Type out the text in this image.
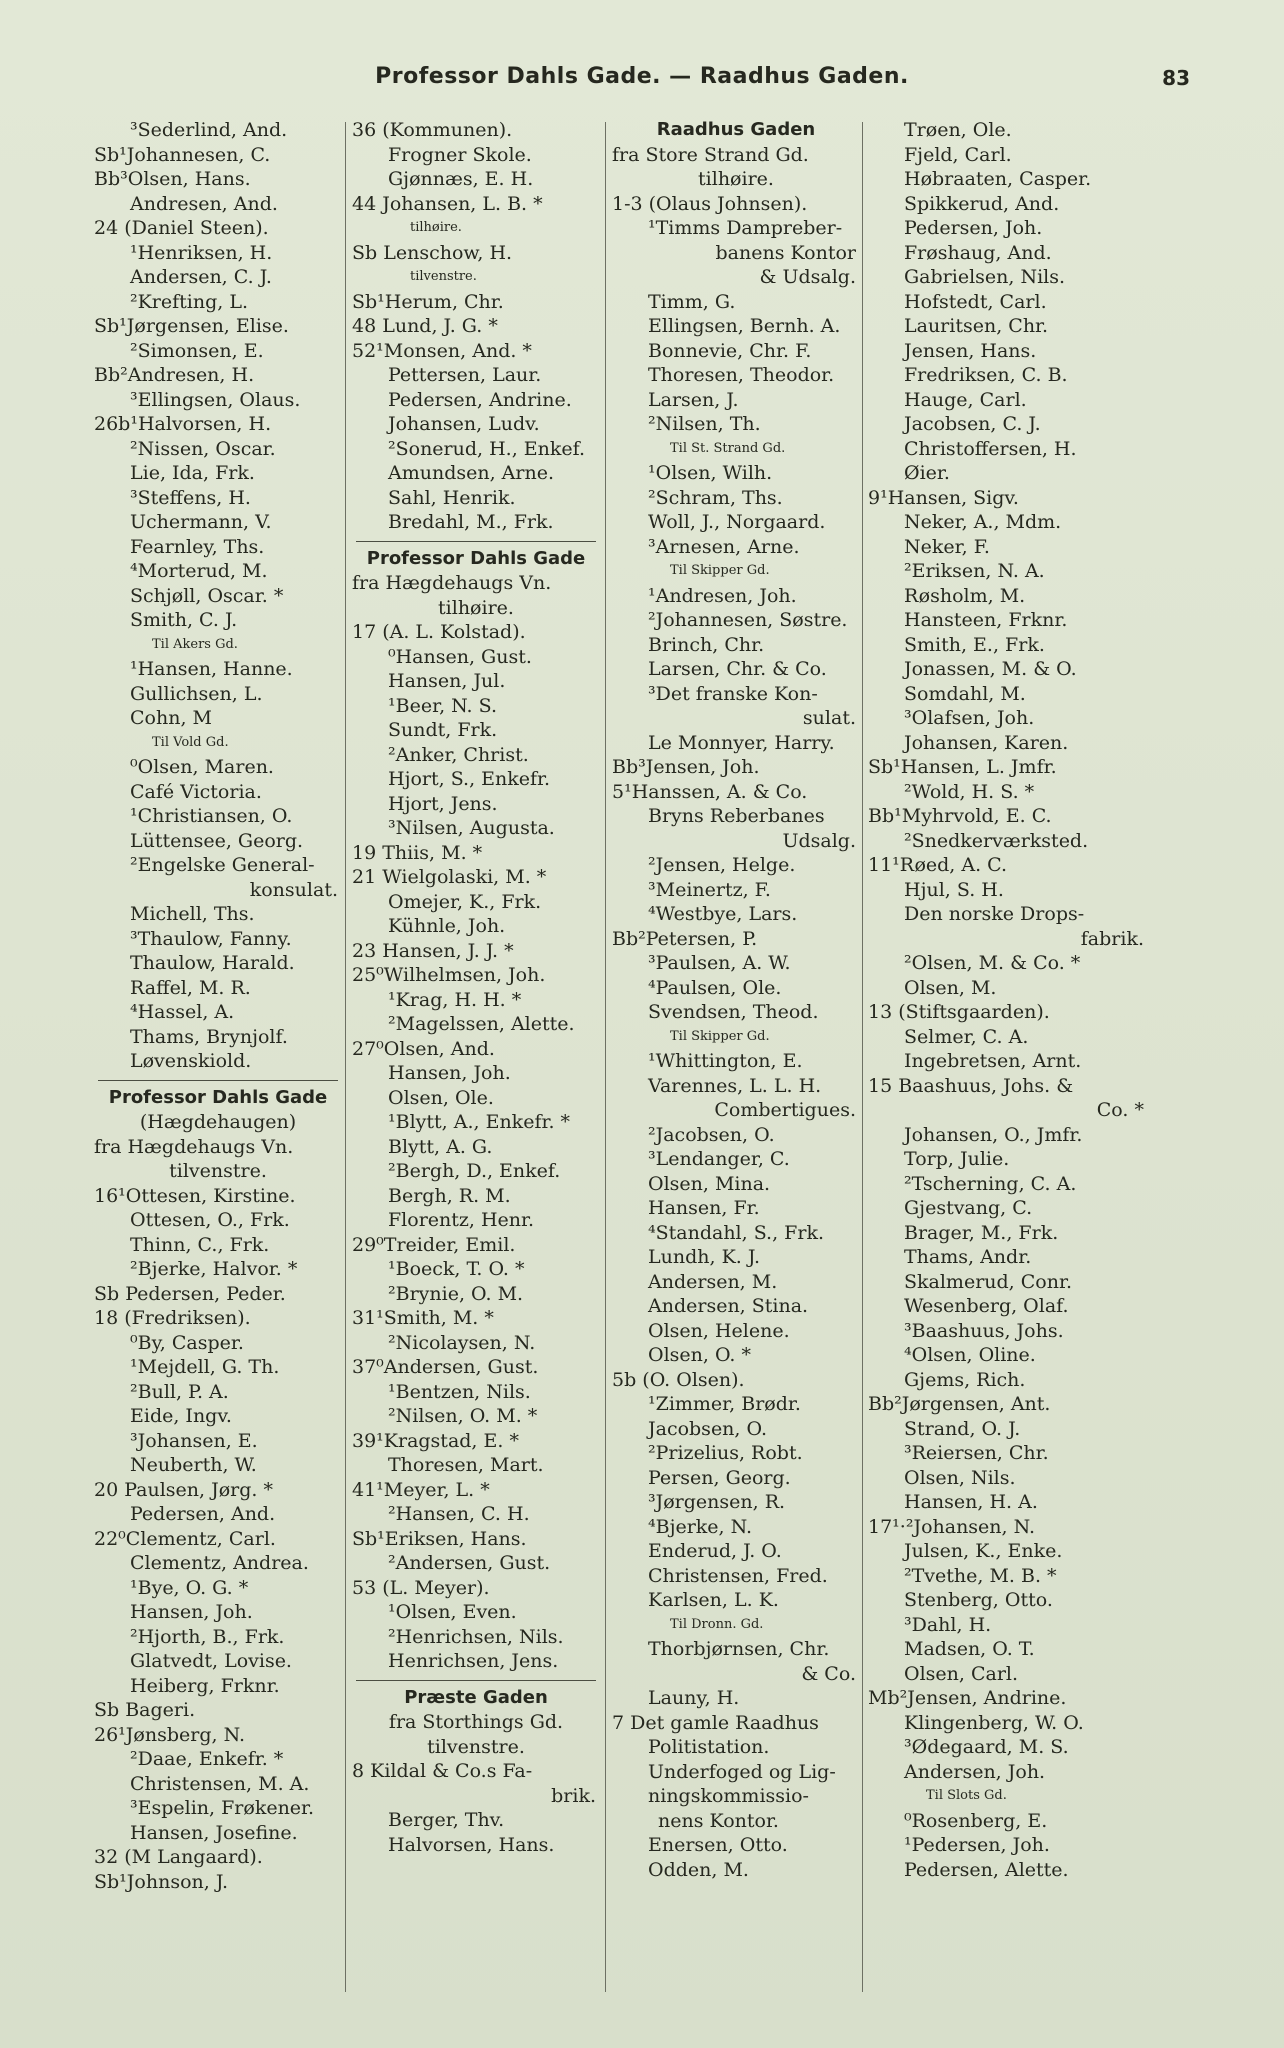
Professor Dahls Gade. — Raadhus Gaden.	83
³Sederlind, And.
Sb¹Johannesen, C.
Bb³Olsen, Hans.
Andresen, And.
24 (Daniel Steen).
¹Henriksen, H.
Andersen, C. J.
²Krefting, L.
Sb¹Jørgensen, Elise.
²Simonsen, E.
Bb²Andresen, H.
³Ellingsen, Olaus.
26b¹Halvorsen, H.
²Nissen, Oscar.
Lie, Ida, Frk.
³Steffens, H.
Uchermann, V.
Fearnley, Ths.
⁴Morterud, M.
Schjøll, Oscar. *
Smith, C. J.
Til Akers Gd.
¹Hansen, Hanne.
Gullichsen, L.
Cohn, M
Til Vold Gd.
⁰Olsen, Maren.
Café Victoria.
¹Christiansen, O.
Lüttensee, Georg.
²Engelske General-
konsulat.
Michell, Ths.
³Thaulow, Fanny.
Thaulow, Harald.
Raffel, M. R.
⁴Hassel, A.
Thams, Brynjolf.
Løvenskiold.
Professor Dahls Gade
(Hægdehaugen)
fra Hægdehaugs Vn.
tilvenstre.
16¹Ottesen, Kirstine.
Ottesen, O., Frk.
Thinn, C., Frk.
²Bjerke, Halvor. *
Sb Pedersen, Peder.
18 (Fredriksen).
⁰By, Casper.
¹Mejdell, G. Th.
²Bull, P. A.
Eide, Ingv.
³Johansen, E.
Neuberth, W.
20 Paulsen, Jørg. *
Pedersen, And.
22⁰Clementz, Carl.
Clementz, Andrea.
¹Bye, O. G. *
Hansen, Joh.
²Hjorth, B., Frk.
Glatvedt, Lovise.
Heiberg, Frknr.
Sb Bageri.
26¹Jønsberg, N.
²Daae, Enkefr. *
Christensen, M. A.
³Espelin, Frøkener.
Hansen, Josefine.
32 (M Langaard).
Sb¹Johnson, J.
36 (Kommunen).
Frogner Skole.
Gjønnæs, E. H.
44 Johansen, L. B. *
tilhøire.
Sb Lenschow, H.
tilvenstre.
Sb¹Herum, Chr.
48 Lund, J. G. *
52¹Monsen, And. *
Pettersen, Laur.
Pedersen, Andrine.
Johansen, Ludv.
²Sonerud, H., Enkef.
Amundsen, Arne.
Sahl, Henrik.
Bredahl, M., Frk.
Professor Dahls Gade
fra Hægdehaugs Vn.
tilhøire.
17 (A. L. Kolstad).
⁰Hansen, Gust.
Hansen, Jul.
¹Beer, N. S.
Sundt, Frk.
²Anker, Christ.
Hjort, S., Enkefr.
Hjort, Jens.
³Nilsen, Augusta.
19 Thiis, M. *
21 Wielgolaski, M. *
Omejer, K., Frk.
Kühnle, Joh.
23 Hansen, J. J. *
25⁰Wilhelmsen, Joh.
¹Krag, H. H. *
²Magelssen, Alette.
27⁰Olsen, And.
Hansen, Joh.
Olsen, Ole.
¹Blytt, A., Enkefr. *
Blytt, A. G.
²Bergh, D., Enkef.
Bergh, R. M.
Florentz, Henr.
29⁰Treider, Emil.
¹Boeck, T. O. *
²Brynie, O. M.
31¹Smith, M. *
²Nicolaysen, N.
37⁰Andersen, Gust.
¹Bentzen, Nils.
²Nilsen, O. M. *
39¹Kragstad, E. *
Thoresen, Mart.
41¹Meyer, L. *
²Hansen, C. H.
Sb¹Eriksen, Hans.
²Andersen, Gust.
53 (L. Meyer).
¹Olsen, Even.
²Henrichsen, Nils.
Henrichsen, Jens.
Præste Gaden
fra Storthings Gd.
tilvenstre.
8 Kildal & Co.s Fa-
brik.
Berger, Thv.
Halvorsen, Hans.
Raadhus Gaden
fra Store Strand Gd.
tilhøire.
1-3 (Olaus Johnsen).
¹Timms Dampreber-
banens Kontor
& Udsalg.
Timm, G.
Ellingsen, Bernh. A.
Bonnevie, Chr. F.
Thoresen, Theodor.
Larsen, J.
²Nilsen, Th.
Til St. Strand Gd.
¹Olsen, Wilh.
²Schram, Ths.
Woll, J., Norgaard.
³Arnesen, Arne.
Til Skipper Gd.
¹Andresen, Joh.
²Johannesen, Søstre.
Brinch, Chr.
Larsen, Chr. & Co.
³Det franske Kon-
sulat.
Le Monnyer, Harry.
Bb³Jensen, Joh.
5¹Hanssen, A. & Co.
Bryns Reberbanes
Udsalg.
²Jensen, Helge.
³Meinertz, F.
⁴Westbye, Lars.
Bb²Petersen, P.
³Paulsen, A. W.
⁴Paulsen, Ole.
Svendsen, Theod.
Til Skipper Gd.
¹Whittington, E.
Varennes, L. L. H.
Combertigues.
²Jacobsen, O.
³Lendanger, C.
Olsen, Mina.
Hansen, Fr.
⁴Standahl, S., Frk.
Lundh, K. J.
Andersen, M.
Andersen, Stina.
Olsen, Helene.
Olsen, O. *
5b (O. Olsen).
¹Zimmer, Brødr.
Jacobsen, O.
²Prizelius, Robt.
Persen, Georg.
³Jørgensen, R.
⁴Bjerke, N.
Enderud, J. O.
Christensen, Fred.
Karlsen, L. K.
Til Dronn. Gd.
Thorbjørnsen, Chr.
& Co.
Launy, H.
7 Det gamle Raadhus
Politistation.
Underfoged og Lig-
ningskommissio-
nens Kontor.
Enersen, Otto.
Odden, M.
Trøen, Ole.
Fjeld, Carl.
Høbraaten, Casper.
Spikkerud, And.
Pedersen, Joh.
Frøshaug, And.
Gabrielsen, Nils.
Hofstedt, Carl.
Lauritsen, Chr.
Jensen, Hans.
Fredriksen, C. B.
Hauge, Carl.
Jacobsen, C. J.
Christoffersen, H.
Øier.
9¹Hansen, Sigv.
Neker, A., Mdm.
Neker, F.
²Eriksen, N. A.
Røsholm, M.
Hansteen, Frknr.
Smith, E., Frk.
Jonassen, M. & O.
Somdahl, M.
³Olafsen, Joh.
Johansen, Karen.
Sb¹Hansen, L. Jmfr.
²Wold, H. S. *
Bb¹Myhrvold, E. C.
²Snedkerværksted.
11¹Røed, A. C.
Hjul, S. H.
Den norske Drops-
fabrik.
²Olsen, M. & Co. *
Olsen, M.
13 (Stiftsgaarden).
Selmer, C. A.
Ingebretsen, Arnt.
15 Baashuus, Johs. &
Co. *
Johansen, O., Jmfr.
Torp, Julie.
²Tscherning, C. A.
Gjestvang, C.
Brager, M., Frk.
Thams, Andr.
Skalmerud, Conr.
Wesenberg, Olaf.
³Baashuus, Johs.
⁴Olsen, Oline.
Gjems, Rich.
Bb²Jørgensen, Ant.
Strand, O. J.
³Reiersen, Chr.
Olsen, Nils.
Hansen, H. A.
17¹·²Johansen, N.
Julsen, K., Enke.
²Tvethe, M. B. *
Stenberg, Otto.
³Dahl, H.
Madsen, O. T.
Olsen, Carl.
Mb²Jensen, Andrine.
Klingenberg, W. O.
³Ødegaard, M. S.
Andersen, Joh.
Til Slots Gd.
⁰Rosenberg, E.
¹Pedersen, Joh.
Pedersen, Alette.
